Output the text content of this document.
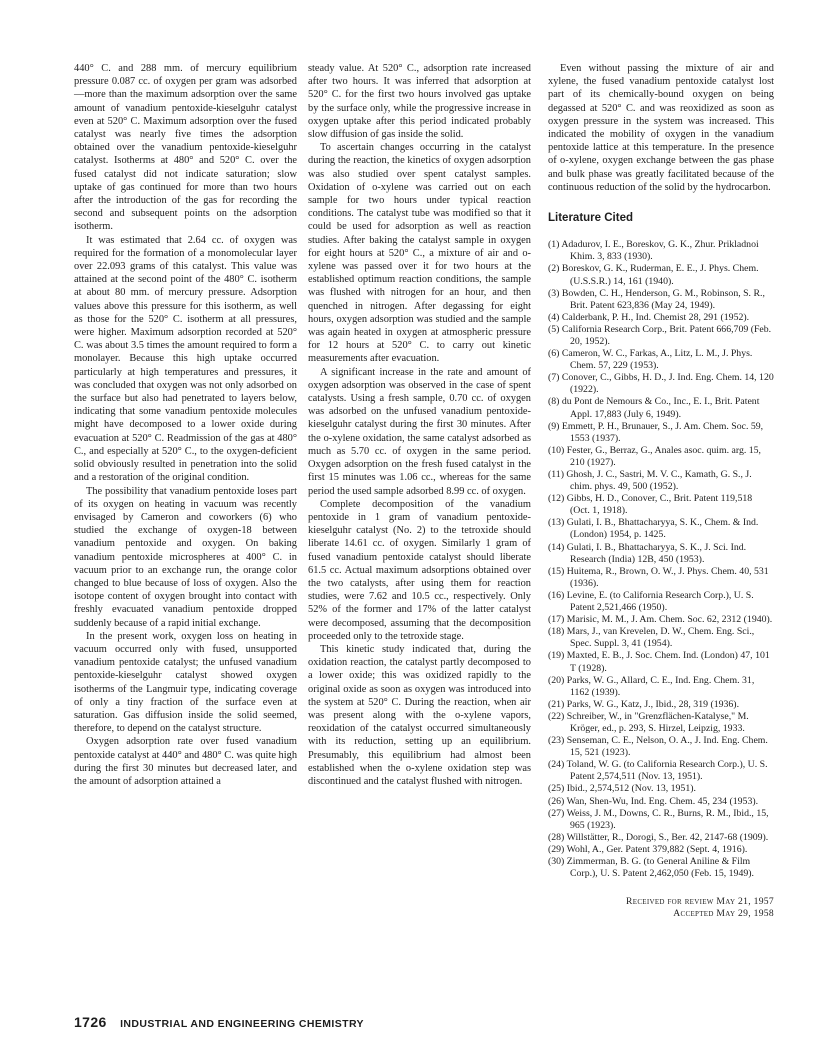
440° C. and 288 mm. of mercury equilibrium pressure 0.087 cc. of oxygen per gram was adsorbed—more than the maximum adsorption over the same amount of vanadium pentoxide-kieselguhr catalyst even at 520° C. Maximum adsorption over the fused catalyst was nearly five times the adsorption obtained over the vanadium pentoxide-kieselguhr catalyst. Isotherms at 480° and 520° C. over the fused catalyst did not indicate saturation; slow uptake of gas continued for more than two hours after the introduction of the gas for recording the second and subsequent points on the adsorption isotherm.

It was estimated that 2.64 cc. of oxygen was required for the formation of a monomolecular layer over 22.093 grams of this catalyst. This value was attained at the second point of the 480° C. isotherm at about 80 mm. of mercury pressure. Adsorption values above this pressure for this isotherm, as well as those for the 520° C. isotherm at all pressures, were higher. Maximum adsorption recorded at 520° C. was about 3.5 times the amount required to form a monolayer. Because this high uptake occurred particularly at high temperatures and pressures, it was concluded that oxygen was not only adsorbed on the surface but also had penetrated to layers below, indicating that some vanadium pentoxide molecules might have decomposed to a lower oxide during evacuation at 520° C. Readmission of the gas at 480° C., and especially at 520° C., to the oxygen-deficient solid obviously resulted in penetration into the solid and a restoration of the original condition.

The possibility that vanadium pentoxide loses part of its oxygen on heating in vacuum was recently envisaged by Cameron and coworkers (6) who studied the exchange of oxygen-18 between vanadium pentoxide and oxygen. On baking vanadium pentoxide microspheres at 400° C. in vacuum prior to an exchange run, the orange color changed to blue because of loss of oxygen. Also the isotope content of oxygen brought into contact with freshly evacuated vanadium pentoxide dropped suddenly because of a rapid initial exchange.

In the present work, oxygen loss on heating in vacuum occurred only with fused, unsupported vanadium pentoxide catalyst; the unfused vanadium pentoxide-kieselguhr catalyst showed oxygen isotherms of the Langmuir type, indicating coverage of only a tiny fraction of the surface even at saturation. Gas diffusion inside the solid seemed, therefore, to depend on the catalyst structure.

Oxygen adsorption rate over fused vanadium pentoxide catalyst at 440° and 480° C. was quite high during the first 30 minutes but decreased later, and the amount of adsorption attained a

steady value. At 520° C., adsorption rate increased after two hours. It was inferred that adsorption at 520° C. for the first two hours involved gas uptake by the surface only, while the progressive increase in oxygen uptake after this period indicated probably slow diffusion of gas inside the solid.

To ascertain changes occurring in the catalyst during the reaction, the kinetics of oxygen adsorption was also studied over spent catalyst samples. Oxidation of o-xylene was carried out on each sample for two hours under typical reaction conditions. The catalyst tube was modified so that it could be used for adsorption as well as reaction studies. After baking the catalyst sample in oxygen for eight hours at 520° C., a mixture of air and o-xylene was passed over it for two hours at the established optimum reaction conditions, the sample was flushed with nitrogen for an hour, and then quenched in nitrogen. After degassing for eight hours, oxygen adsorption was studied and the sample was again heated in oxygen at atmospheric pressure for 12 hours at 520° C. to carry out kinetic measurements after evacuation.

A significant increase in the rate and amount of oxygen adsorption was observed in the case of spent catalysts. Using a fresh sample, 0.70 cc. of oxygen was adsorbed on the unfused vanadium pentoxide-kieselguhr catalyst during the first 30 minutes. After the o-xylene oxidation, the same catalyst adsorbed as much as 5.70 cc. of oxygen in the same period. Oxygen adsorption on the fresh fused catalyst in the first 15 minutes was 1.06 cc., whereas for the same period the used sample adsorbed 8.99 cc. of oxygen.

Complete decomposition of the vanadium pentoxide in 1 gram of vanadium pentoxide-kieselguhr catalyst (No. 2) to the tetroxide should liberate 14.61 cc. of oxygen. Similarly 1 gram of fused vanadium pentoxide catalyst should liberate 61.5 cc. Actual maximum adsorptions obtained over the two catalysts, after using them for reaction studies, were 7.62 and 10.5 cc., respectively. Only 52% of the former and 17% of the latter catalyst were decomposed, assuming that the decomposition proceeded only to the tetroxide stage.

This kinetic study indicated that, during the oxidation reaction, the catalyst partly decomposed to a lower oxide; this was oxidized rapidly to the original oxide as soon as oxygen was introduced into the system at 520° C. During the reaction, when air was present along with the o-xylene vapors, reoxidation of the catalyst occurred simultaneously with its reduction, setting up an equilibrium. Presumably, this equilibrium had almost been established when the o-xylene oxidation step was discontinued and the catalyst flushed with nitrogen.

Even without passing the mixture of air and xylene, the fused vanadium pentoxide catalyst lost part of its chemically-bound oxygen on being degassed at 520° C. and was reoxidized as soon as oxygen pressure in the system was increased. This indicated the mobility of oxygen in the vanadium pentoxide lattice at this temperature. In the presence of o-xylene, oxygen exchange between the gas phase and bulk phase was greatly facilitated because of the continuous reduction of the solid by the hydrocarbon.

Literature Cited
(1) Adadurov, I. E., Boreskov, G. K., Zhur. Prikladnoi Khim. 3, 833 (1930).
(2) Boreskov, G. K., Ruderman, E. E., J. Phys. Chem. (U.S.S.R.) 14, 161 (1940).
(3) Bowden, C. H., Henderson, G. M., Robinson, S. R., Brit. Patent 623,836 (May 24, 1949).
(4) Calderbank, P. H., Ind. Chemist 28, 291 (1952).
(5) California Research Corp., Brit. Patent 666,709 (Feb. 20, 1952).
(6) Cameron, W. C., Farkas, A., Litz, L. M., J. Phys. Chem. 57, 229 (1953).
(7) Conover, C., Gibbs, H. D., J. Ind. Eng. Chem. 14, 120 (1922).
(8) du Pont de Nemours & Co., Inc., E. I., Brit. Patent Appl. 17,883 (July 6, 1949).
(9) Emmett, P. H., Brunauer, S., J. Am. Chem. Soc. 59, 1553 (1937).
(10) Fester, G., Berraz, G., Anales asoc. quim. arg. 15, 210 (1927).
(11) Ghosh, J. C., Sastri, M. V. C., Kamath, G. S., J. chim. phys. 49, 500 (1952).
(12) Gibbs, H. D., Conover, C., Brit. Patent 119,518 (Oct. 1, 1918).
(13) Gulati, I. B., Bhattacharyya, S. K., Chem. & Ind. (London) 1954, p. 1425.
(14) Gulati, I. B., Bhattacharyya, S. K., J. Sci. Ind. Research (India) 12B, 450 (1953).
(15) Huitema, R., Brown, O. W., J. Phys. Chem. 40, 531 (1936).
(16) Levine, E. (to California Research Corp.), U. S. Patent 2,521,466 (1950).
(17) Marisic, M. M., J. Am. Chem. Soc. 62, 2312 (1940).
(18) Mars, J., van Krevelen, D. W., Chem. Eng. Sci., Spec. Suppl. 3, 41 (1954).
(19) Maxted, E. B., J. Soc. Chem. Ind. (London) 47, 101 T (1928).
(20) Parks, W. G., Allard, C. E., Ind. Eng. Chem. 31, 1162 (1939).
(21) Parks, W. G., Katz, J., Ibid., 28, 319 (1936).
(22) Schreiber, W., in "Grenzflächen-Katalyse," M. Kröger, ed., p. 293, S. Hirzel, Leipzig, 1933.
(23) Senseman, C. E., Nelson, O. A., J. Ind. Eng. Chem. 15, 521 (1923).
(24) Toland, W. G. (to California Research Corp.), U. S. Patent 2,574,511 (Nov. 13, 1951).
(25) Ibid., 2,574,512 (Nov. 13, 1951).
(26) Wan, Shen-Wu, Ind. Eng. Chem. 45, 234 (1953).
(27) Weiss, J. M., Downs, C. R., Burns, R. M., Ibid., 15, 965 (1923).
(28) Willstätter, R., Dorogi, S., Ber. 42, 2147-68 (1909).
(29) Wohl, A., Ger. Patent 379,882 (Sept. 4, 1916).
(30) Zimmerman, B. G. (to General Aniline & Film Corp.), U. S. Patent 2,462,050 (Feb. 15, 1949).
Received for review May 21, 1957
Accepted May 29, 1958
1726 INDUSTRIAL AND ENGINEERING CHEMISTRY
